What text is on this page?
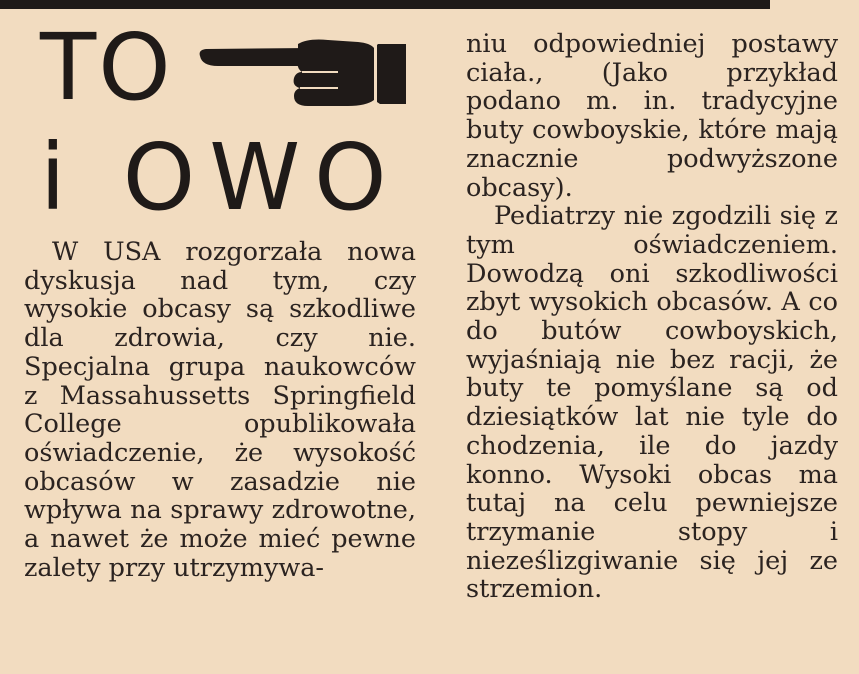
TO
i OWO

W USA rozgorzała nowa dyskusja nad tym, czy wysokie obcasy są szkodliwe dla zdrowia, czy nie. Specjalna grupa naukowców z Massahussetts Springfield College opublikowała oświadczenie, że wysokość obcasów w zasadzie nie wpływa na sprawy zdrowotne, a nawet że może mieć pewne zalety przy utrzymywa-

niu odpowiedniej postawy ciała., (Jako przykład podano m. in. tradycyjne buty cowboyskie, które mają znacznie podwyższone obcasy).

Pediatrzy nie zgodzili się z tym oświadczeniem. Dowodzą oni szkodliwości zbyt wysokich obcasów. A co do butów cowboyskich, wyjaśniają nie bez racji, że buty te pomyślane są od dziesiątków lat nie tyle do chodzenia, ile do jazdy konno. Wysoki obcas ma tutaj na celu pewniejsze trzymanie stopy i nieześlizgiwanie się jej ze strzemion.
